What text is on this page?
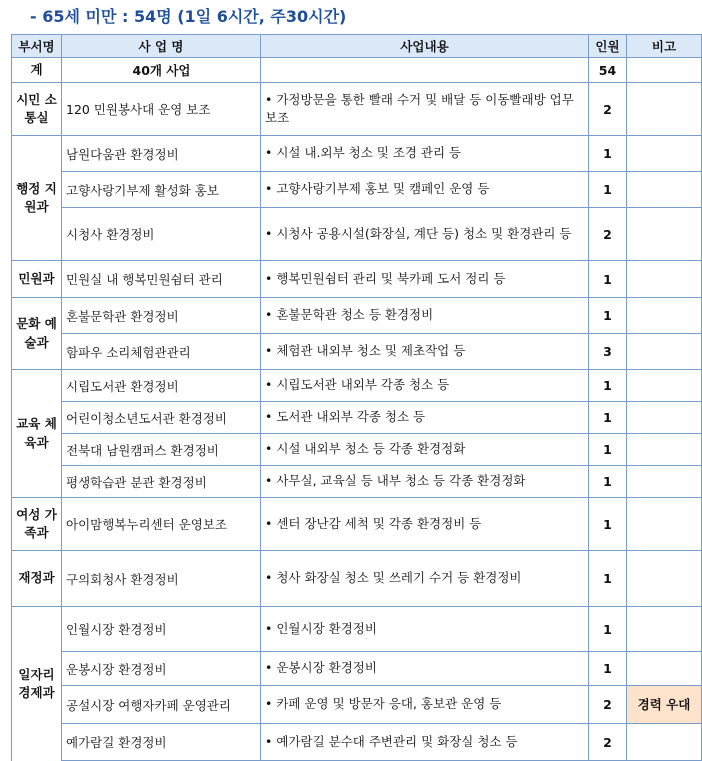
- 65세 미만 : 54명 (1일 6시간, 주30시간)
부서명	사 업 명	사업내용	인원	비고
계	40개 사업		54	
시민 소통실	120 민원봉사대 운영 보조	• 가정방문을 통한 빨래 수거 및 배달 등 이동빨래방 업무 보조	2	
행정 지원과	남원다움관 환경정비	• 시설 내.외부 청소 및 조경 관리 등	1	
	고향사랑기부제 활성화 홍보	• 고향사랑기부제 홍보 및 캠페인 운영 등	1	
	시청사 환경정비	• 시청사 공용시설(화장실, 계단 등) 청소 및 환경관리 등	2	
민원과	민원실 내 행복민원쉼터 관리	• 행복민원쉼터 관리 및 북카페 도서 정리 등	1	
문화 예술과	혼불문학관 환경정비	• 혼불문학관 청소 등 환경정비	1	
	함파우 소리체험관관리	• 체험관 내외부 청소 및 제초작업 등	3	
교육 체육과	시립도서관 환경정비	• 시립도서관 내외부 각종 청소 등	1	
	어린이청소년도서관 환경정비	• 도서관 내외부 각종 청소 등	1	
	전북대 남원캠퍼스 환경정비	• 시설 내외부 청소 등 각종 환경정화	1	
	평생학습관 분관 환경정비	• 사무실, 교육실 등 내부 청소 등 각종 환경정화	1	
여성 가족과	아이맘행복누리센터 운영보조	• 센터 장난감 세척 및 각종 환경정비 등	1	
재정과	구의회청사 환경정비	• 청사 화장실 청소 및 쓰레기 수거 등 환경정비	1	
일자리 경제과	인월시장 환경정비	• 인월시장 환경정비	1	
	운봉시장 환경정비	• 운봉시장 환경정비	1	
	공설시장 여행자카페 운영관리	• 카페 운영 및 방문자 응대, 홍보관 운영 등	2	경력 우대
	예가람길 환경정비	• 예가람길 분수대 주변관리 및 화장실 청소 등	2	
